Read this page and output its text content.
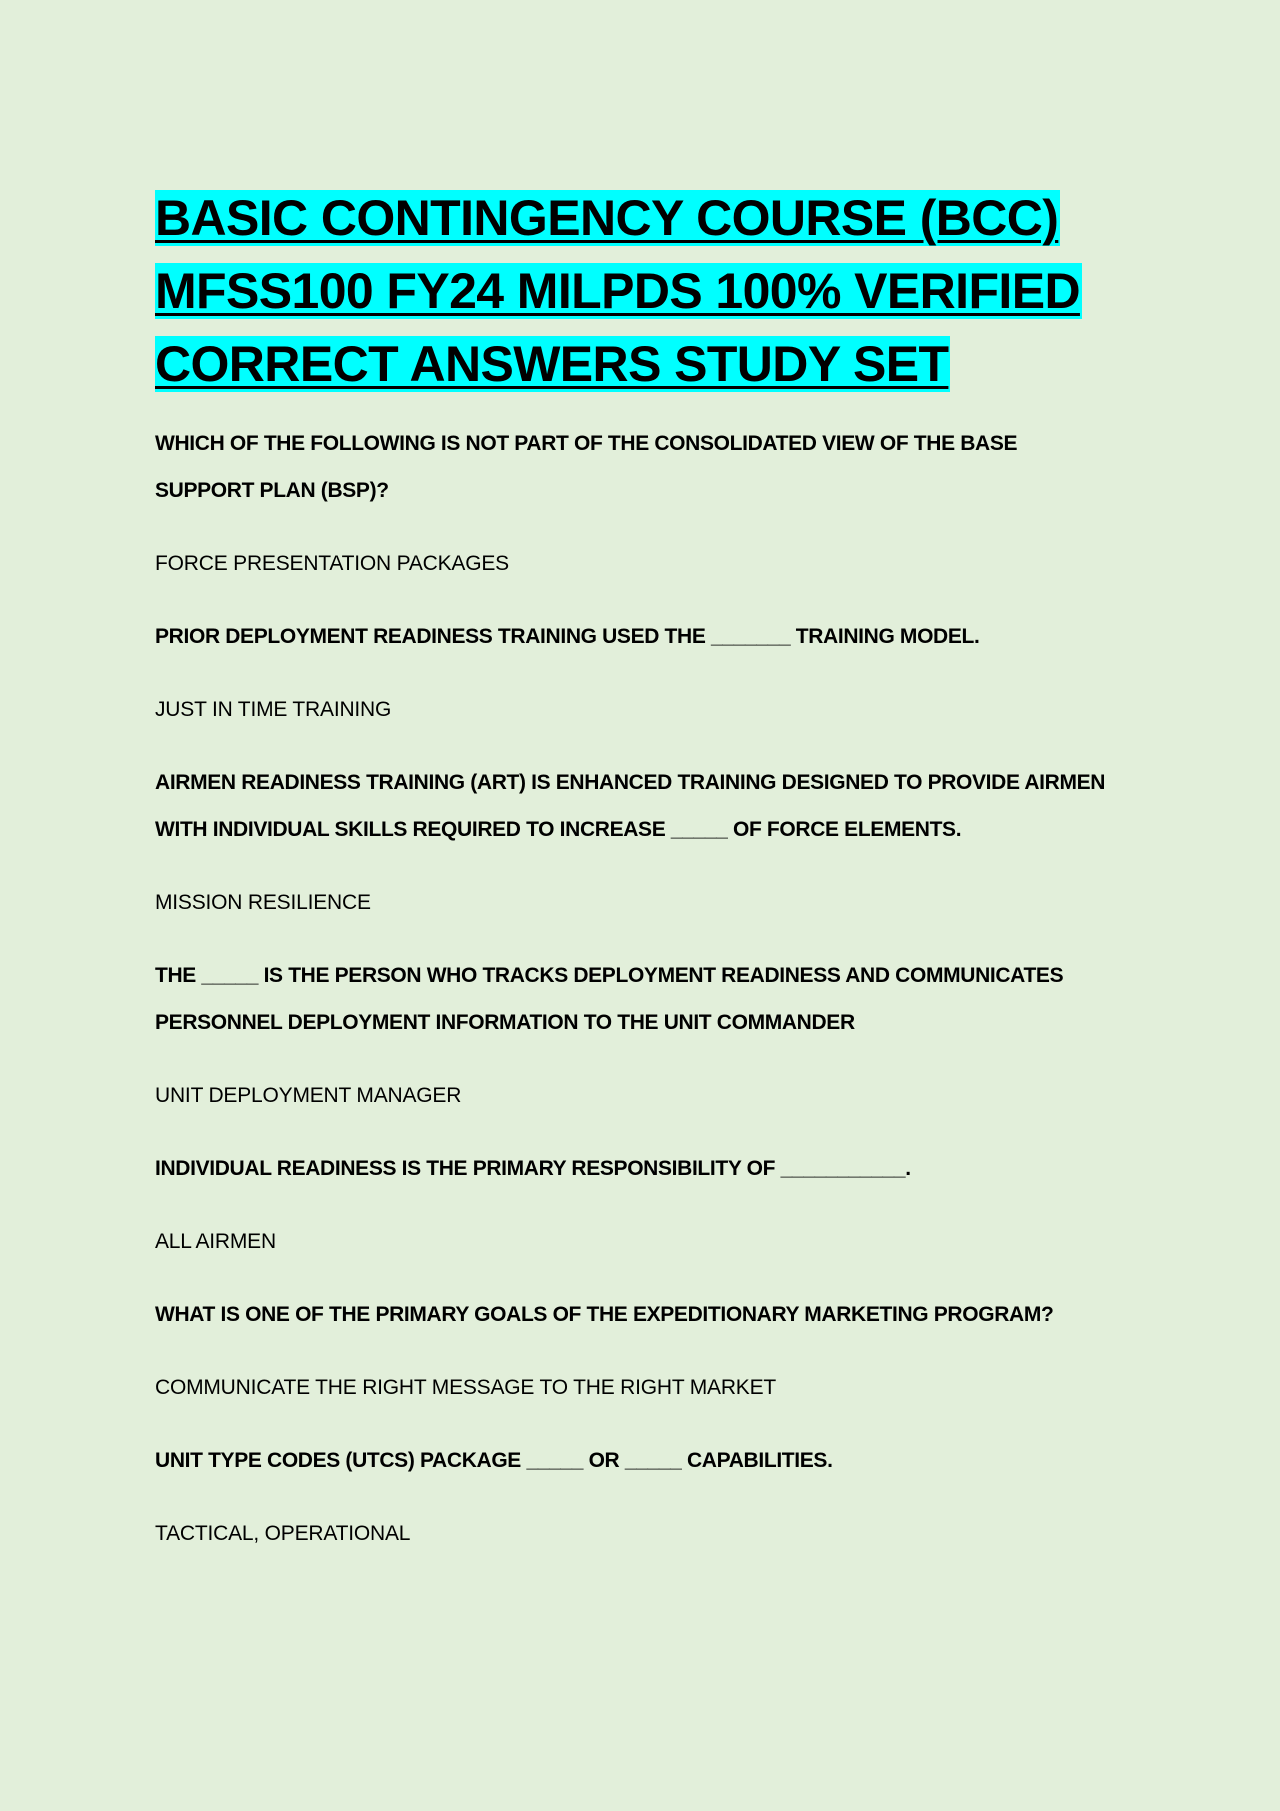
BASIC CONTINGENCY COURSE (BCC)
MFSS100 FY24 MILPDS 100% VERIFIED
CORRECT ANSWERS STUDY SET

WHICH OF THE FOLLOWING IS NOT PART OF THE CONSOLIDATED VIEW OF THE BASE SUPPORT PLAN (BSP)?

FORCE PRESENTATION PACKAGES

PRIOR DEPLOYMENT READINESS TRAINING USED THE _______ TRAINING MODEL.

JUST IN TIME TRAINING

AIRMEN READINESS TRAINING (ART) IS ENHANCED TRAINING DESIGNED TO PROVIDE AIRMEN WITH INDIVIDUAL SKILLS REQUIRED TO INCREASE _____ OF FORCE ELEMENTS.

MISSION RESILIENCE

THE _____ IS THE PERSON WHO TRACKS DEPLOYMENT READINESS AND COMMUNICATES PERSONNEL DEPLOYMENT INFORMATION TO THE UNIT COMMANDER

UNIT DEPLOYMENT MANAGER

INDIVIDUAL READINESS IS THE PRIMARY RESPONSIBILITY OF ___________.

ALL AIRMEN

WHAT IS ONE OF THE PRIMARY GOALS OF THE EXPEDITIONARY MARKETING PROGRAM?

COMMUNICATE THE RIGHT MESSAGE TO THE RIGHT MARKET

UNIT TYPE CODES (UTCS) PACKAGE _____ OR _____ CAPABILITIES.

TACTICAL, OPERATIONAL
